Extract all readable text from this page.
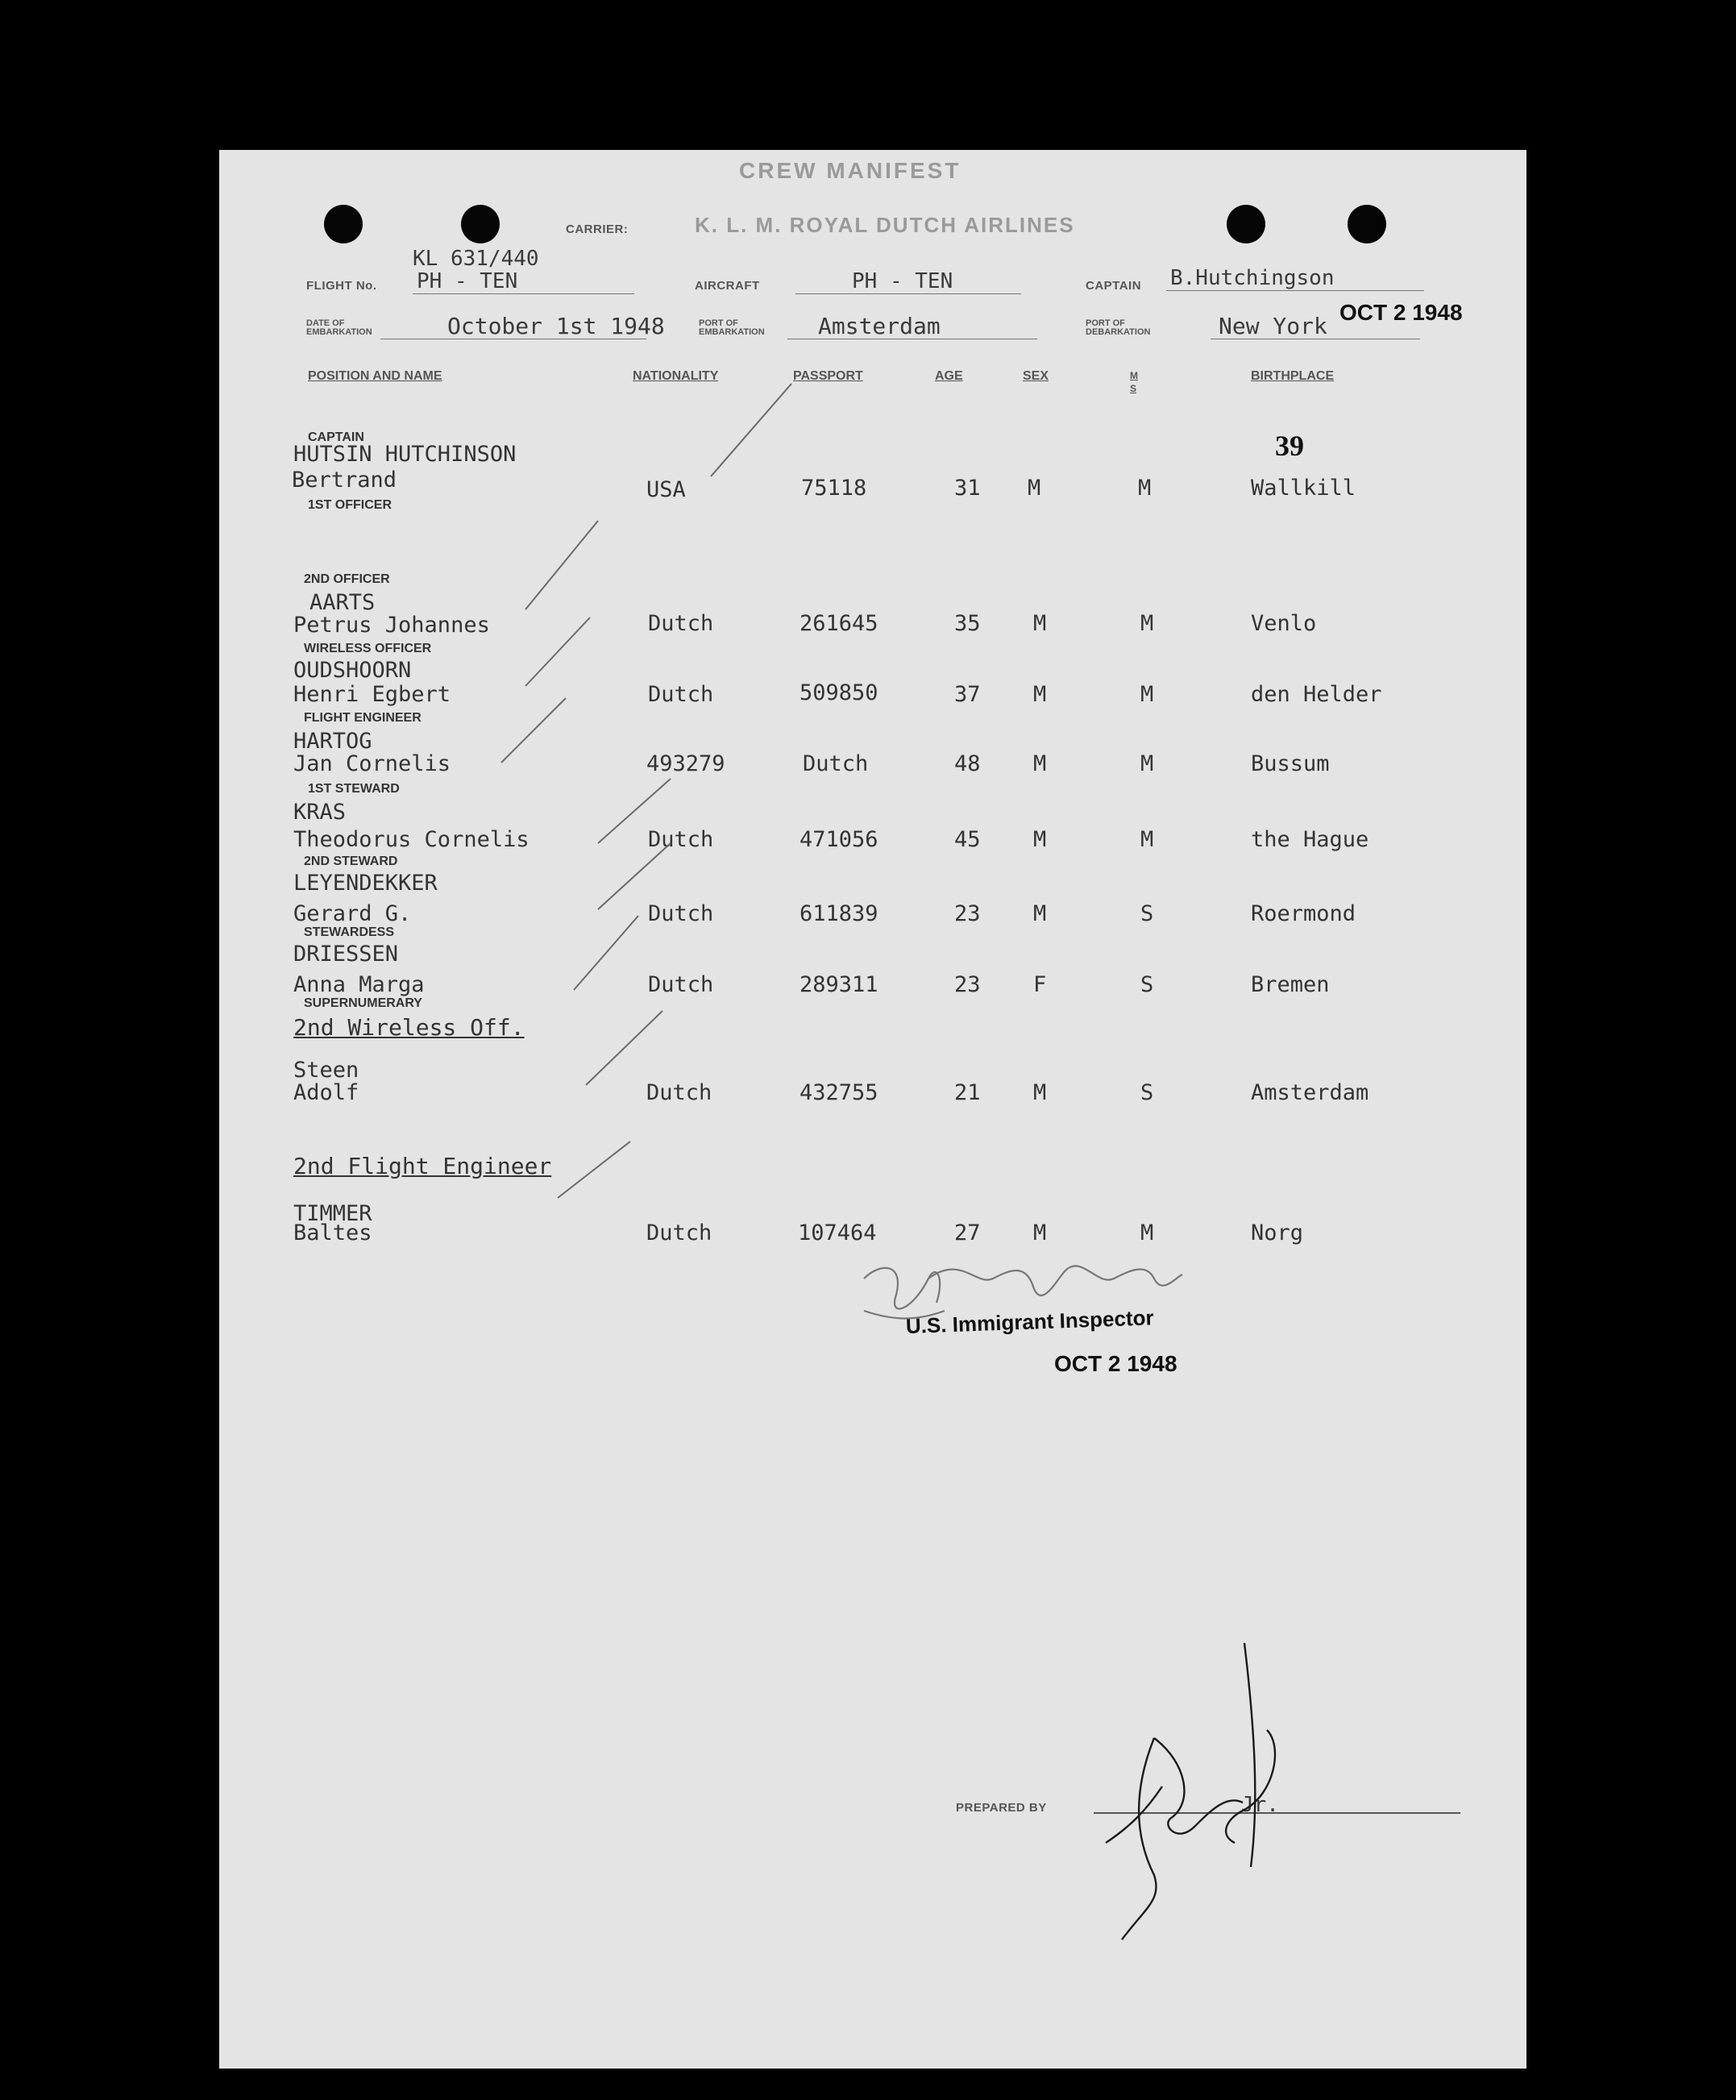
CREW MANIFEST
CARRIER:	K. L. M. ROYAL DUTCH AIRLINES
KL 631/440
FLIGHT No. PH - TEN	AIRCRAFT	PH - TEN	CAPTAIN B.Hutchingson
DATE OF
EMBARKATION	October 1st 1948	PORT OF
EMBARKATION Amsterdam	PORT OF
DEBARKATION	New York
OCT 2 1948
POSITION AND NAME	NATIONALITY	PASSPORT	AGE	SEX	M S
BIRTHPLACE
39
CAPTAIN
HUTSIN HUTCHINSON
Bertrand	USA	75118	31 M	M	Wallkill
1ST OFFICER
2ND OFFICER
AARTS
Petrus Johannes	Dutch	261645	35 M	M	Venlo
WIRELESS OFFICER
OUDSHOORN
Henri Egbert	Dutch	509850	37 M	M	den Helder
FLIGHT ENGINEER
HARTOG
Jan Cornelis	493279	Dutch	48 M	M	Bussum
1ST STEWARD
KRAS
Theodorus Cornelis	Dutch	471056	45 M	M	the Hague
2ND STEWARD
LEYENDEKKER
Gerard G.	Dutch	611839	23 M	S	Roermond
STEWARDESS
DRIESSEN
Anna Marga	Dutch	289311	23 F	S	Bremen
SUPERNUMERARY
2nd Wireless Off.
Steen
Adolf	Dutch	432755	21 M	S	Amsterdam
2nd Flight Engineer
TIMMER
Baltes	Dutch	107464	27 M	M	Norg
U.S. Immigrant Inspector
OCT 2 1948
PREPARED BY	Jr.
